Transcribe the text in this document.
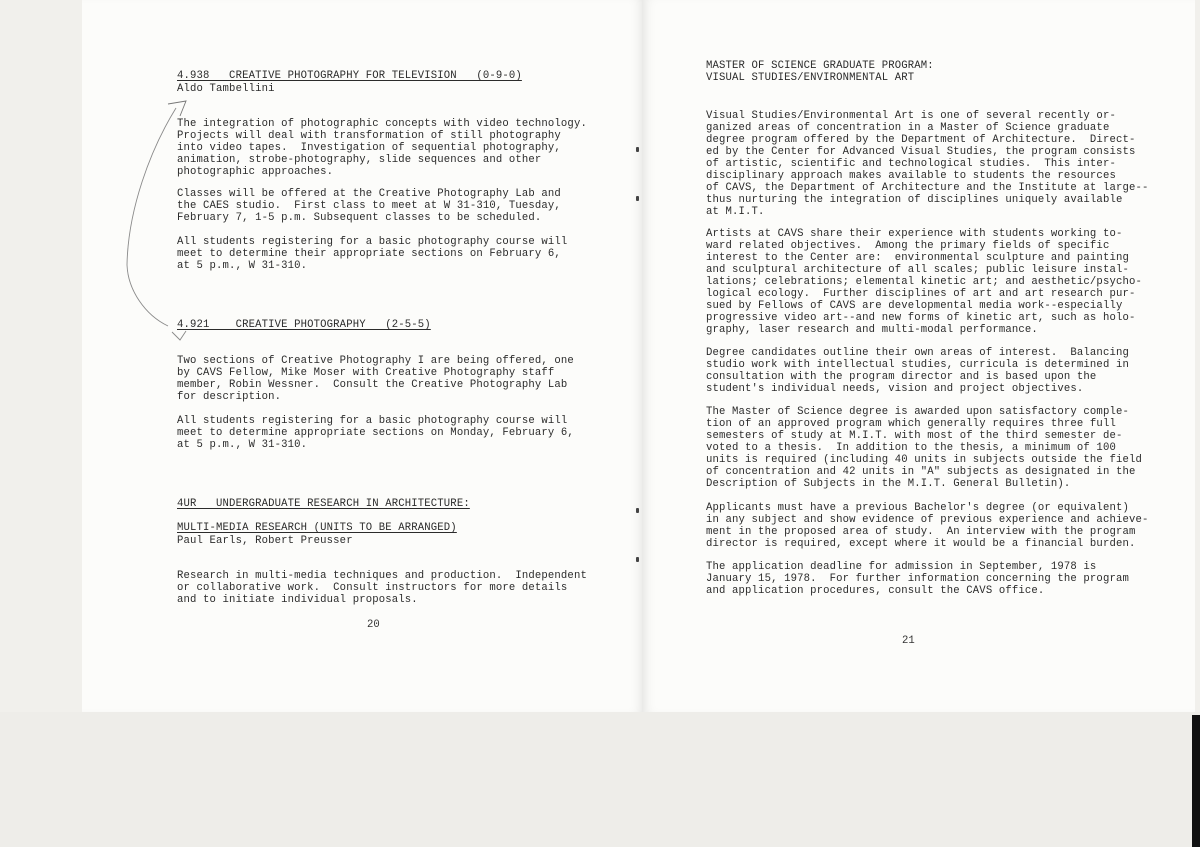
4.938   CREATIVE PHOTOGRAPHY FOR TELEVISION   (0-9-0)

Aldo Tambellini

The integration of photographic concepts with video technology.

Projects will deal with transformation of still photography

into video tapes.  Investigation of sequential photography,

animation, strobe-photography, slide sequences and other

photographic approaches.

Classes will be offered at the Creative Photography Lab and

the CAES studio.  First class to meet at W 31-310, Tuesday,

February 7, 1-5 p.m. Subsequent classes to be scheduled.

All students registering for a basic photography course will

meet to determine their appropriate sections on February 6,

at 5 p.m., W 31-310.

4.921    CREATIVE PHOTOGRAPHY   (2-5-5)

Two sections of Creative Photography I are being offered, one

by CAVS Fellow, Mike Moser with Creative Photography staff

member, Robin Wessner.  Consult the Creative Photography Lab

for description.

All students registering for a basic photography course will

meet to determine appropriate sections on Monday, February 6,

at 5 p.m., W 31-310.

4UR   UNDERGRADUATE RESEARCH IN ARCHITECTURE:

MULTI-MEDIA RESEARCH (UNITS TO BE ARRANGED)

Paul Earls, Robert Preusser

Research in multi-media techniques and production.  Independent

or collaborative work.  Consult instructors for more details

and to initiate individual proposals.

20

MASTER OF SCIENCE GRADUATE PROGRAM:

VISUAL STUDIES/ENVIRONMENTAL ART

Visual Studies/Environmental Art is one of several recently or-

ganized areas of concentration in a Master of Science graduate

degree program offered by the Department of Architecture.  Direct-

ed by the Center for Advanced Visual Studies, the program consists

of artistic, scientific and technological studies.  This inter-

disciplinary approach makes available to students the resources

of CAVS, the Department of Architecture and the Institute at large--

thus nurturing the integration of disciplines uniquely available

at M.I.T.

Artists at CAVS share their experience with students working to-

ward related objectives.  Among the primary fields of specific

interest to the Center are:  environmental sculpture and painting

and sculptural architecture of all scales; public leisure instal-

lations; celebrations; elemental kinetic art; and aesthetic/psycho-

logical ecology.  Further disciplines of art and art research pur-

sued by Fellows of CAVS are developmental media work--especially

progressive video art--and new forms of kinetic art, such as holo-

graphy, laser research and multi-modal performance.

Degree candidates outline their own areas of interest.  Balancing

studio work with intellectual studies, curricula is determined in

consultation with the program director and is based upon the

student's individual needs, vision and project objectives.

The Master of Science degree is awarded upon satisfactory comple-

tion of an approved program which generally requires three full

semesters of study at M.I.T. with most of the third semester de-

voted to a thesis.  In addition to the thesis, a minimum of 100

units is required (including 40 units in subjects outside the field

of concentration and 42 units in "A" subjects as designated in the

Description of Subjects in the M.I.T. General Bulletin).

Applicants must have a previous Bachelor's degree (or equivalent)

in any subject and show evidence of previous experience and achieve-

ment in the proposed area of study.  An interview with the program

director is required, except where it would be a financial burden.

The application deadline for admission in September, 1978 is

January 15, 1978.  For further information concerning the program

and application procedures, consult the CAVS office.

21
